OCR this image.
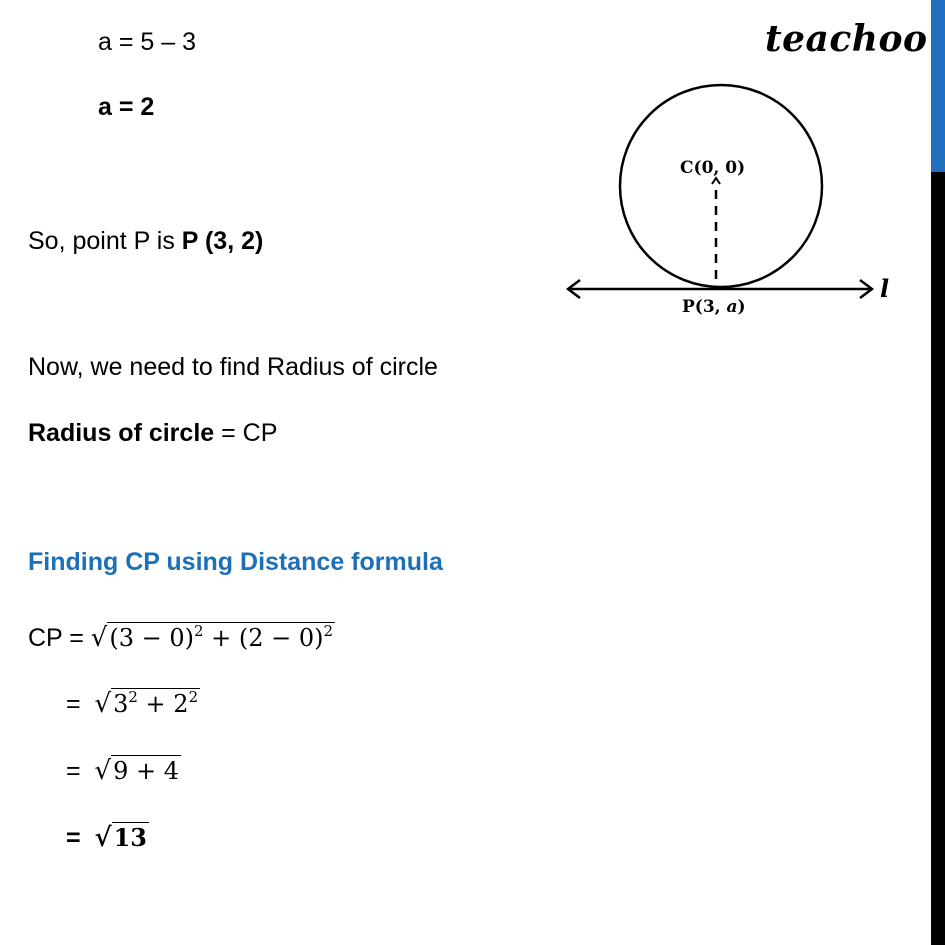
teachoo
a = 5 – 3
a = 2
So, point P is P (3, 2)
Now, we need to find Radius of circle
Radius of circle = CP
Finding CP using Distance formula
CP = $√(3 - 0)^2 + (2 - 0)^2$
= $√3^2 + 2^2$
= √9 + 4
= √13
C(0, 0)
P(3, a)
l
